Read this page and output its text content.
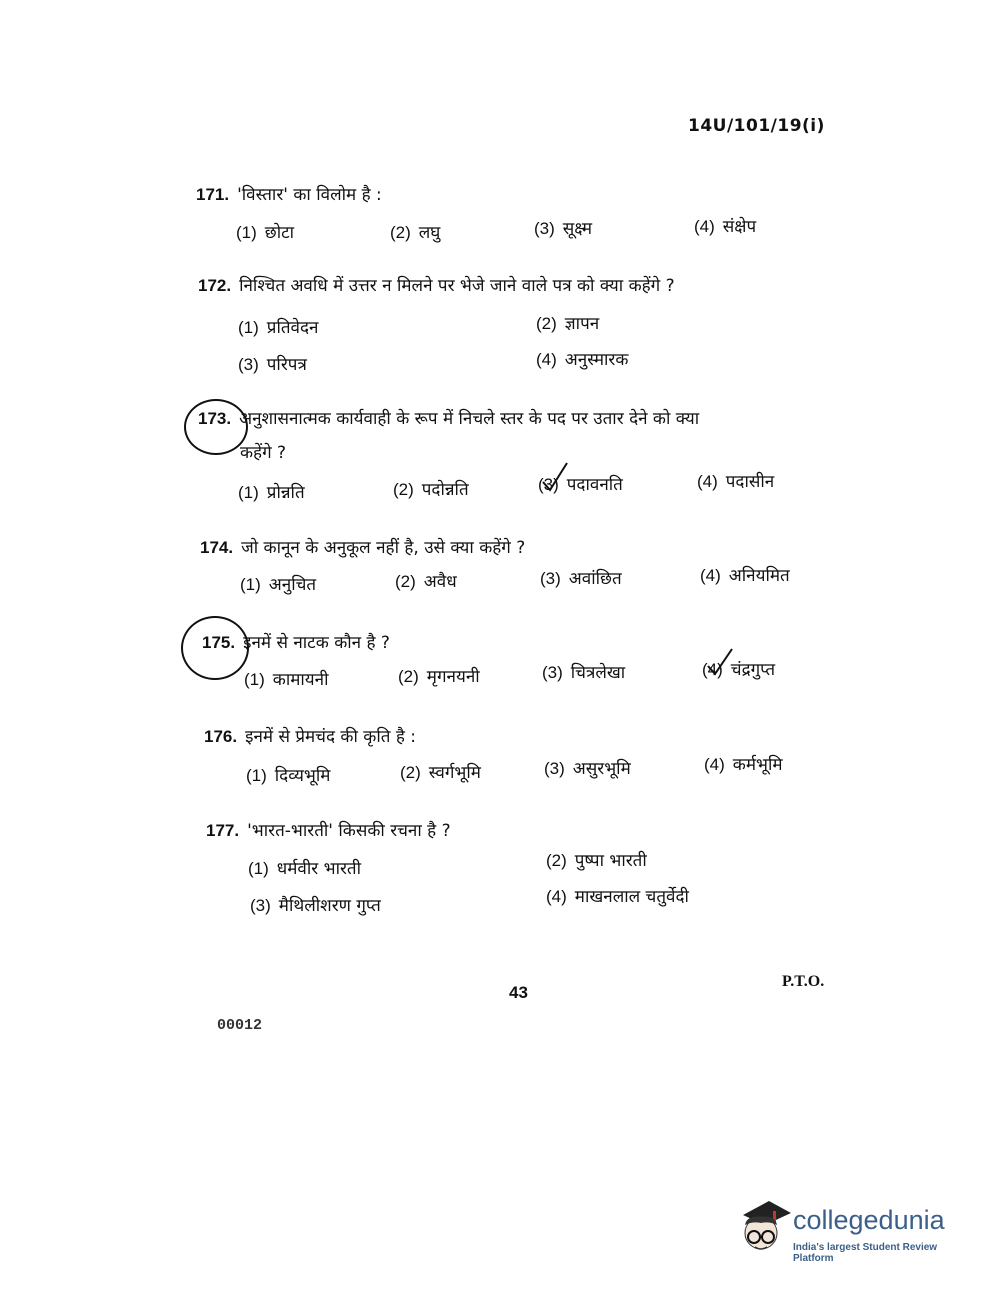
14U/101/19(i)
171. 'विस्तार' का विलोम है :
(1) छोटा	(2) लघु	(3) सूक्ष्म	(4) संक्षेप
172. निश्चित अवधि में उत्तर न मिलने पर भेजे जाने वाले पत्र को क्या कहेंगे ?
(1) प्रतिवेदन	(2) ज्ञापन
(3) परिपत्र	(4) अनुस्मारक
173. अनुशासनात्मक कार्यवाही के रूप में निचले स्तर के पद पर उतार देने को क्या
कहेंगे ?
(1) प्रोन्नति	(2) पदोन्नति	(3) पदावनति	(4) पदासीन
174. जो कानून के अनुकूल नहीं है, उसे क्या कहेंगे ?
(1) अनुचित	(2) अवैध	(3) अवांछित	(4) अनियमित
175. इनमें से नाटक कौन है ?
(1) कामायनी	(2) मृगनयनी	(3) चित्रलेखा	(4) चंद्रगुप्त
176. इनमें से प्रेमचंद की कृति है :
(1) दिव्यभूमि	(2) स्वर्गभूमि	(3) असुरभूमि	(4) कर्मभूमि
177. 'भारत-भारती' किसकी रचना है ?
(1) धर्मवीर भारती	(2) पुष्पा भारती
(3) मैथिलीशरण गुप्त	(4) माखनलाल चतुर्वेदी
43
P.T.O.
00012
collegedunia
India's largest Student Review Platform
